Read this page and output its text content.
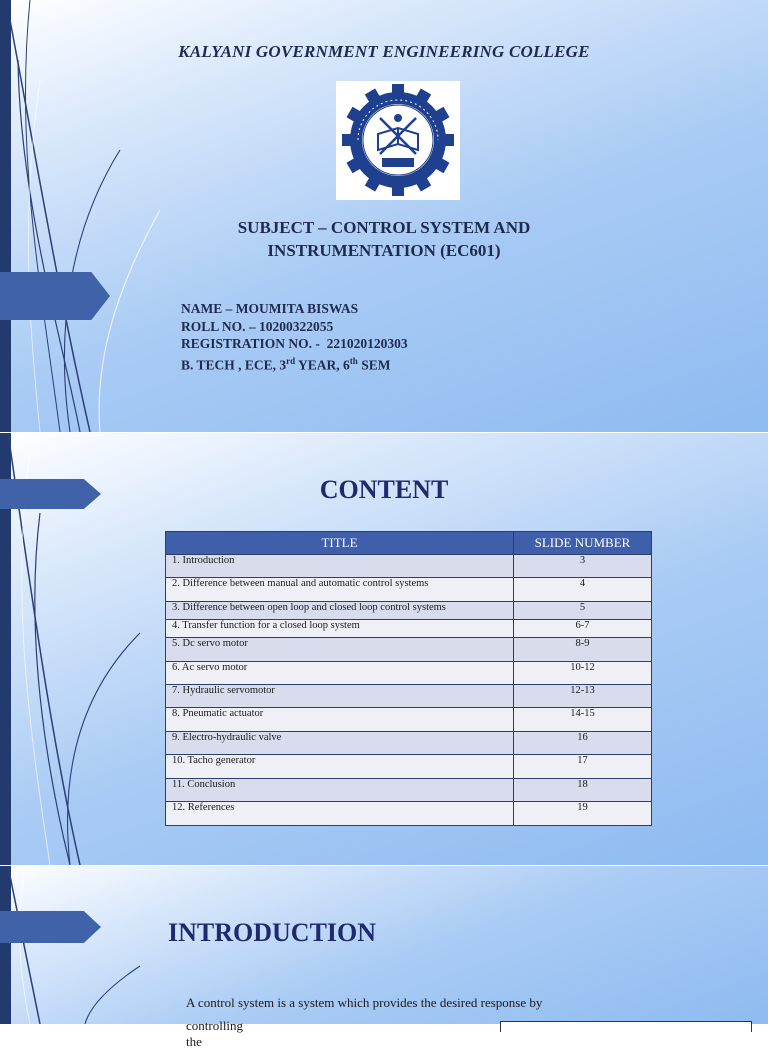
KALYANI GOVERNMENT ENGINEERING COLLEGE
SUBJECT – CONTROL SYSTEM AND
INSTRUMENTATION (EC601)
NAME – MOUMITA BISWAS
ROLL NO. – 10200322055
REGISTRATION NO. -  221020120303
B. TECH , ECE, 3rd YEAR, 6th SEM
CONTENT
TITLE	SLIDE NUMBER
1. Introduction	3
2. Difference between manual and automatic control systems	4
3. Difference between open loop and closed loop control systems	5
4. Transfer function for a closed loop system	6-7
5. Dc servo motor	8-9
6. Ac servo motor	10-12
7. Hydraulic servomotor	12-13
8. Pneumatic actuator	14-15
9. Electro-hydraulic valve	16
10. Tacho generator	17
11. Conclusion	18
12. References	19
INTRODUCTION
A control system is a system which provides the desired response by
controlling the
